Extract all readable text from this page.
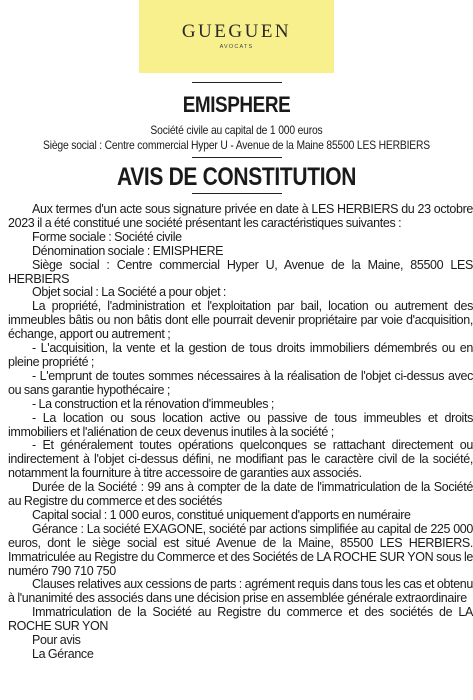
GUEGUEN
AVOCATS
EMISPHERE
Société civile au capital de 1 000 euros
Siège social : Centre commercial Hyper U - Avenue de la Maine 85500 LES HERBIERS
AVIS DE CONSTITUTION

Aux termes d'un acte sous signature privée en date à LES HERBIERS du 23 octobre 2023 il a été constitué une société présentant les caractéristiques suivantes :

Forme sociale : Société civile

Dénomination sociale : EMISPHERE

Siège social : Centre commercial Hyper U, Avenue de la Maine, 85500 LES HERBIERS

Objet social : La Société a pour objet :

La propriété, l'administration et l'exploitation par bail, location ou autrement des immeubles bâtis ou non bâtis dont elle pourrait devenir propriétaire par voie d'acquisition, échange, apport ou autrement ;

- L'acquisition, la vente et la gestion de tous droits immobiliers démembrés ou en pleine propriété ;

- L'emprunt de toutes sommes nécessaires à la réalisation de l'objet ci-dessus avec ou sans garantie hypothécaire ;

- La construction et la rénovation d'immeubles ;

- La location ou sous location active ou passive de tous immeubles et droits immobiliers et l'aliénation de ceux devenus inutiles à la société ;

- Et généralement toutes opérations quelconques se rattachant directement ou indirectement à l'objet ci-dessus défini, ne modifiant pas le caractère civil de la société, notamment la fourniture à titre accessoire de garanties aux associés.

Durée de la Société : 99 ans à compter de la date de l'immatriculation de la Société au Registre du commerce et des sociétés

Capital social : 1 000 euros, constitué uniquement d'apports en numéraire

Gérance : La société EXAGONE, société par actions simplifiée au capital de 225 000 euros, dont le siège social est situé Avenue de la Maine, 85500 LES HERBIERS. Immatriculée au Registre du Commerce et des Sociétés de LA ROCHE SUR YON sous le numéro 790 710 750

Clauses relatives aux cessions de parts : agrément requis dans tous les cas et obtenu à l'unanimité des associés dans une décision prise en assemblée générale extraordinaire

Immatriculation de la Société au Registre du commerce et des sociétés de LA ROCHE SUR YON

Pour avis

La Gérance
